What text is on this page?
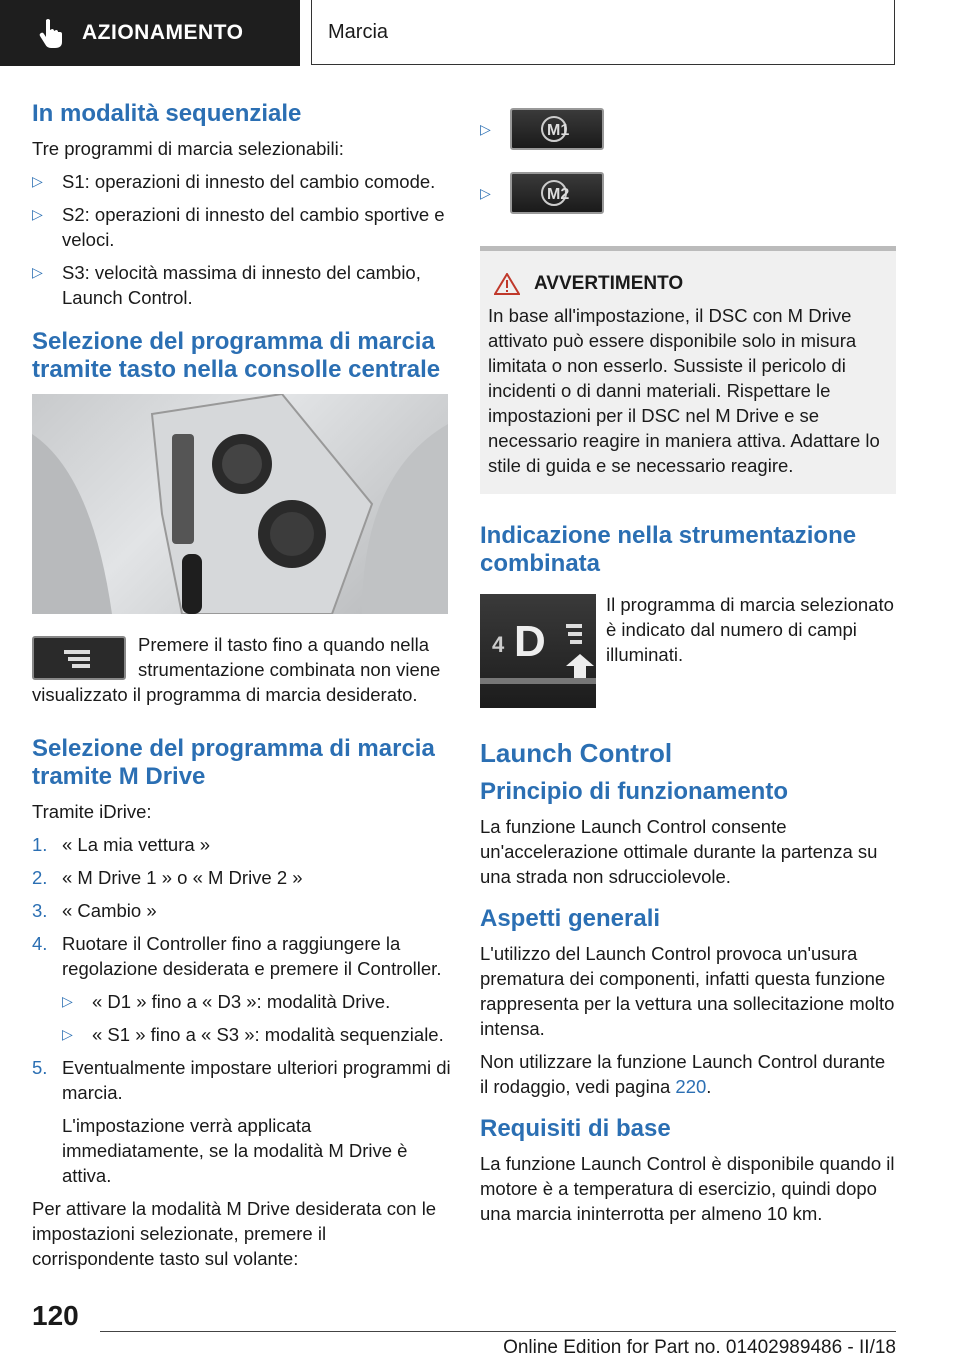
AZIONAMENTO	Marcia
In modalità sequenziale

Tre programmi di marcia selezionabili:

▷ S1: operazioni di innesto del cambio comode.
▷ S2: operazioni di innesto del cambio sportive e veloci.
▷ S3: velocità massima di innesto del cambio, Launch Control.
Selezione del programma di marcia tramite tasto nella consolle centrale

Premere il tasto fino a quando nella strumentazione combinata non viene visualizzato il programma di marcia desiderato.

Selezione del programma di marcia tramite M Drive

Tramite iDrive:

1. « La mia vettura »
2. « M Drive 1 » o « M Drive 2 »
3. « Cambio »
4. Ruotare il Controller fino a raggiungere la regolazione desiderata e premere il Controller.
▷ « D1 » fino a « D3 »: modalità Drive.
▷ « S1 » fino a « S3 »: modalità sequenziale.
5. Eventualmente impostare ulteriori programmi di marcia.
L'impostazione verrà applicata immediatamente, se la modalità M Drive è attiva.

Per attivare la modalità M Drive desiderata con le impostazioni selezionate, premere il corrispondente tasto sul volante:

▷	M1
▷	M2
AVVERTIMENTO

In base all'impostazione, il DSC con M Drive attivato può essere disponibile solo in misura limitata o non esserlo. Sussiste il pericolo di incidenti o di danni materiali. Rispettare le impostazioni per il DSC nel M Drive e se necessario reagire in maniera attiva. Adattare lo stile di guida e se necessario reagire.

Indicazione nella strumentazione combinata
4 D

Il programma di marcia selezionato è indicato dal numero di campi illuminati.

Launch Control
Principio di funzionamento

La funzione Launch Control consente un'accelerazione ottimale durante la partenza su una strada non sdrucciolevole.

Aspetti generali

L'utilizzo del Launch Control provoca un'usura prematura dei componenti, infatti questa funzione rappresenta per la vettura una sollecitazione molto intensa.

Non utilizzare la funzione Launch Control durante il rodaggio, vedi pagina 220.

Requisiti di base

La funzione Launch Control è disponibile quando il motore è a temperatura di esercizio, quindi dopo una marcia ininterrotta per almeno 10 km.

120
Online Edition for Part no. 01402989486 - II/18
